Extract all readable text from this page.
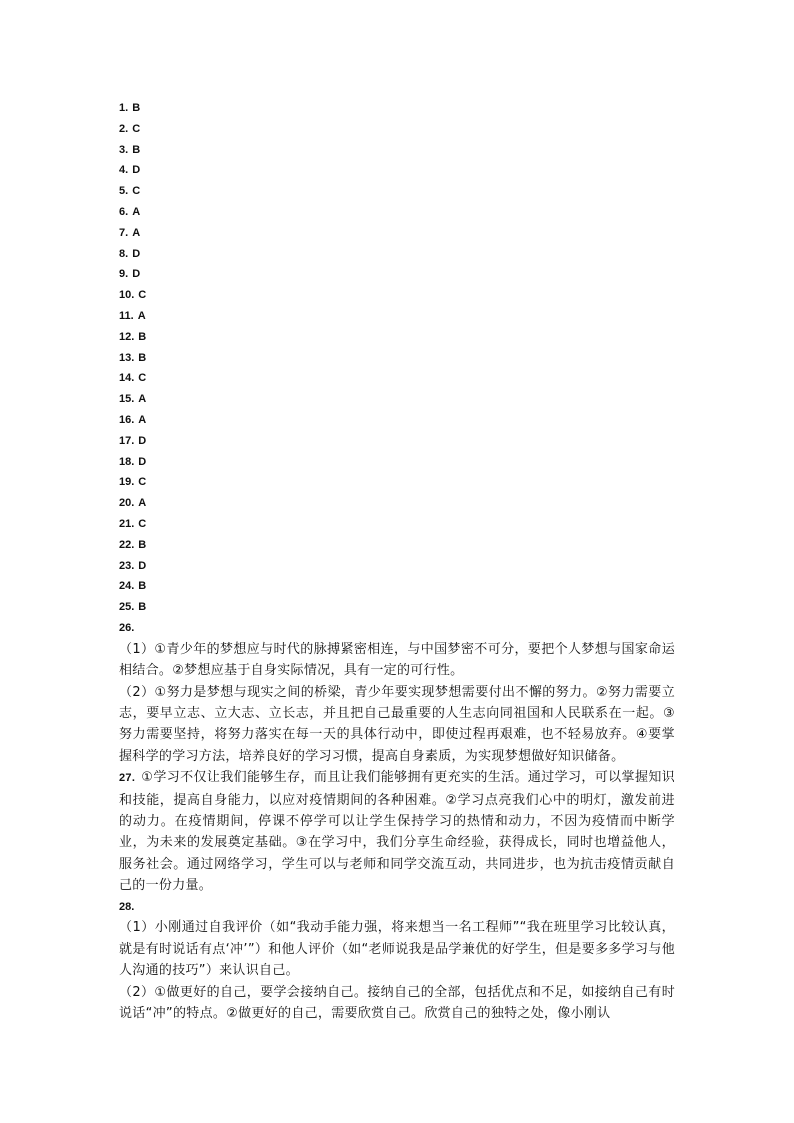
1. B
2. C
3. B
4. D
5. C
6. A
7. A
8. D
9. D
10. C
11. A
12. B
13. B
14. C
15. A
16. A
17. D
18. D
19. C
20. A
21. C
22. B
23. D
24. B
25. B
26.

（1）①青少年的梦想应与时代的脉搏紧密相连，与中国梦密不可分，要把个人梦想与国家命运相结合。②梦想应基于自身实际情况，具有一定的可行性。

（2）①努力是梦想与现实之间的桥梁，青少年要实现梦想需要付出不懈的努力。②努力需要立志，要早立志、立大志、立长志，并且把自己最重要的人生志向同祖国和人民联系在一起。③努力需要坚持，将努力落实在每一天的具体行动中，即使过程再艰难，也不轻易放弃。④要掌握科学的学习方法，培养良好的学习习惯，提高自身素质，为实现梦想做好知识储备。

27. ①学习不仅让我们能够生存，而且让我们能够拥有更充实的生活。通过学习，可以掌握知识和技能，提高自身能力，以应对疫情期间的各种困难。②学习点亮我们心中的明灯，激发前进的动力。在疫情期间，停课不停学可以让学生保持学习的热情和动力，不因为疫情而中断学业，为未来的发展奠定基础。③在学习中，我们分享生命经验，获得成长，同时也增益他人，服务社会。通过网络学习，学生可以与老师和同学交流互动，共同进步，也为抗击疫情贡献自己的一份力量。

28.

（1）小刚通过自我评价（如“我动手能力强，将来想当一名工程师”“我在班里学习比较认真，就是有时说话有点‘冲’”）和他人评价（如“老师说我是品学兼优的好学生，但是要多多学习与他人沟通的技巧”）来认识自己。

（2）①做更好的自己，要学会接纳自己。接纳自己的全部，包括优点和不足，如接纳自己有时说话“冲”的特点。②做更好的自己，需要欣赏自己。欣赏自己的独特之处，像小刚认
